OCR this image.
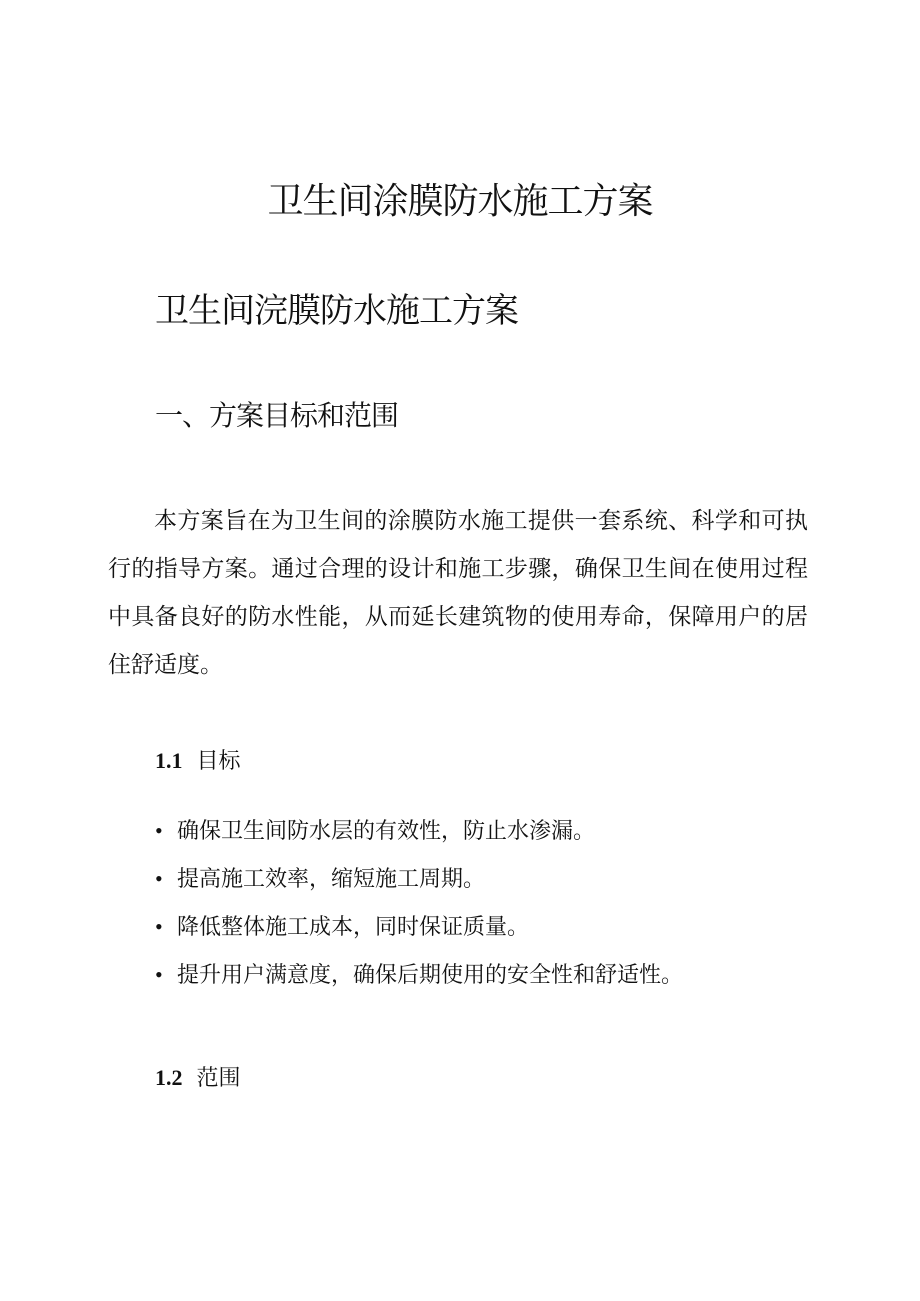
卫生间涂膜防水施工方案
卫生间浣膜防水施工方案
一、方案目标和范围

本方案旨在为卫生间的涂膜防水施工提供一套系统、科学和可执行的指导方案。通过合理的设计和施工步骤，确保卫生间在使用过程中具备良好的防水性能，从而延长建筑物的使用寿命，保障用户的居住舒适度。

1.1 目标
• 确保卫生间防水层的有效性，防止水渗漏。
• 提高施工效率，缩短施工周期。
• 降低整体施工成本，同时保证质量。
• 提升用户满意度，确保后期使用的安全性和舒适性。
1.2 范围
